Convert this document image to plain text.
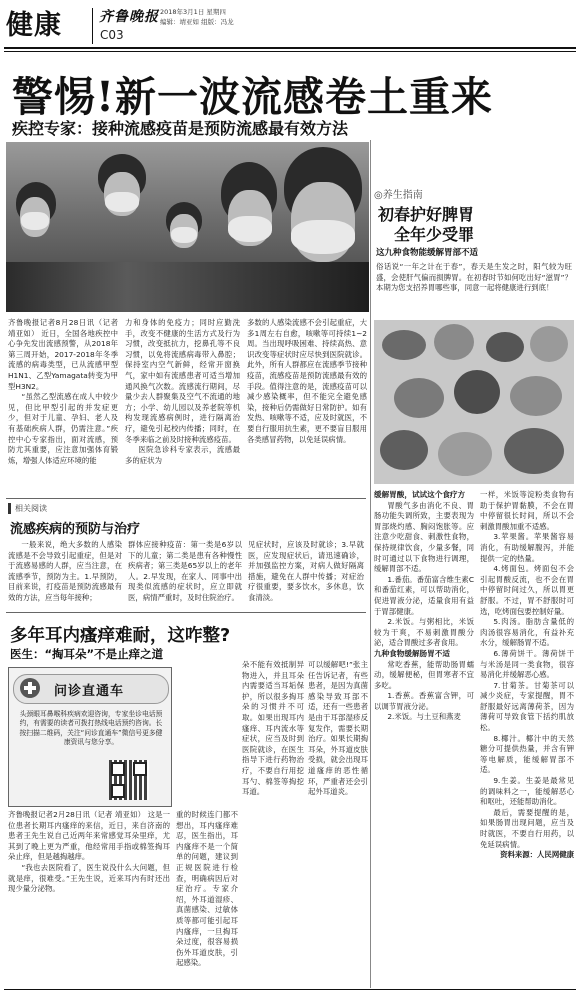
健康	齐鲁晚报 2018年3月1日 星期四
编辑：靖亚如 组版：冯龙
C03
警惕!新一波流感卷土重来
疾控专家：接种流感疫苗是预防流感最有效方法

齐鲁晚报记者8月28日讯（记者 靖亚如） 近日，全国各地疾控中心争先发出流感预警，从2018年第三周开始，2017-2018年冬季流感的病毒类型，已从流感甲型H1N1、乙型Yamagata转变为甲型H3N2。

“虽然乙型流感在成人中较少见，但比甲型引起的并发症更少，但对于儿童、孕妇、老人及有基础疾病人群，仍需注意。”疾控中心专家指出，面对流感，预防尤其重要，应注意加强体育锻炼，增强人体适应环境的能

力和身体的免疫力；同时应勤洗手，改变不健康的生活方式及行为习惯，改变抵抗力，挖鼻孔等不良习惯，以免将流感病毒带入鼻腔；保持室内空气新鲜，经常开窗换气，家中如有流感患者可适当增加通风换气次数。流感流行期间，尽量少去人群聚集及空气不流通的地方；小学、幼儿园以及养老院等机构发现流感病例时，进行隔离治疗，避免引起校内传播；同时，在冬季来临之前及时接种流感疫苗。

医院急诊科专家表示，流感最多的症状为

多数的人感染流感不会引起重症，大多1周左右自愈，咳嗽等可持续1~2周。当出现呼吸困难、持续高热、意识改变等症状时应尽快到医院就诊。此外，所有人群都应在流感季节接种疫苗，流感疫苗是预防流感最有效的手段。值得注意的是，流感疫苗可以减少感染概率，但不能完全避免感染，接种后仍需做好日常防护。如有发热、咳嗽等不适，应及时就医，不要自行服用抗生素，更不要盲目服用各类感冒药物，以免延误病情。

◎养生指南
初春护好脾胃
全年少受罪
这九种食物能缓解胃部不适
俗话说“一年之计在于春”，春天是生发之时，阳气较为旺盛，会使肝气偏而损脾胃。在初春时节如何吃出好“滋胃”？本期为您支招养胃哪些事，同意一起将健康进行到底！

缓解胃酸，试试这个食疗方

胃酸气多由消化不良、胃肠功能失调所致，主要表现为胃部烧灼感、胸闷饱胀等。应注意少吃甜食、刺激性食物，保持规律饮食，少量多餐，同时可通过以下食物进行调理，缓解胃部不适。

1.番茄。番茄富含维生素C和番茄红素，可以帮助消化，促进胃液分泌，适量食用有益于胃部健康。

2.米饭。与粥相比，米饭较为干爽，不易刺激胃酸分泌，适合胃酸过多者食用。

九种食物缓解肠胃不适

常吃香蕉，能帮助肠胃蠕动，缓解便秘，但胃寒者不宜多吃。

1.香蕉。香蕉富含钾，可以调节胃液分泌。

2.米饭。与土豆和燕麦

一样，米饭等淀粉类食物有助于保护胃黏膜，不会在胃中停留很长时间，所以不会刺激胃酸加重不适感。

3.苹果酱。苹果酱容易消化，有助缓解腹泻，并能提供一定的热量。

4.烤面包。烤面包不会引起胃酸反流，也不会在胃中停留时间过久，所以胃更舒服。不过，胃不舒服时可选，吃烤面包要控制好量。

5.肉汤。脂肪含量低的肉汤很容易消化，有益补充水分，缓解肠胃不适。

6.薄荷饼干。薄荷饼干与米汤是同一类食物，很容易消化并缓解恶心感。

7.甘菊茶。甘菊茶可以减少炎症，专家提醒，胃不舒服最好远离薄荷茶，因为薄荷可导致食管下括约肌放松。

8.椰汁。椰汁中的天然糖分可提供热量，并含有钾等电解质，能缓解胃部不适。

9.生姜。生姜是最常见的调味料之一，能缓解恶心和呕吐，还能帮助消化。

最后，需要提醒的是，如果肠胃出现问题，应当及时就医，不要自行用药，以免延误病情。

资料来源：人民网健康

相关阅读
流感疾病的预防与治疗

一般来说，绝大多数的人感染流感是不会导致引起重症，但是对于流感易感的人群，应当注意，在流感季节，预防为主。1.早预防，目前来说，打疫苗是预防流感最有效的方法，应当每年接种；

群体应接种疫苗：第一类是6岁以下的儿童；第二类是患有各种慢性疾病者；第三类是65岁以上的老年人。2.早发现，在家人、同事中出现类似流感的症状时，应立即就医，病情严重时，及时住院治疗。

见症状时，应该及时就诊；3.早就医，应发现症状后，请迅速确诊，并加强监控方案，对病人做好隔离措施，避免在人群中传播；对症治疗很重要，要多饮水，多休息，饮食清淡。

多年耳内瘙痒难耐，这咋整?
医生：“掏耳朵”不是止痒之道
问诊直通车
头颈眼耳鼻喉科疾病欢迎咨询，专家坐诊电话预约，有需要的读者可拨打热线电话预约咨询。长按扫描二维码，关注“问诊直通车”微信号更多健康资讯与您分享。

齐鲁晚报记者2月28日讯（记者 靖亚如） 这是一位患者长期耳内瘙痒的来信，近日，来自济南的患者王先生说自己近两年来常感觉耳朵里痒，尤其到了晚上更为严重，他经常用手指或棉签掏耳朵止痒，但是越掏越痒。

“我也去医院看了，医生说没什么大问题，但就是痒，很难受。”王先生说，近来耳内有时还出现少量分泌物。

重的时候连门都不想出，耳内瘙痒难忍，医生指出，耳内瘙痒不是一个简单的问题，建议到正规医院进行检查，明确病因后对症治疗。专家介绍，外耳道湿疹、真菌感染、过敏体质等都可能引起耳内瘙痒，一旦掏耳朵过度，很容易损伤外耳道皮肤，引起感染。

朵不能有效抵制异物进入，并且耳朵内需要适当耳垢保护，所以很多掏耳朵的习惯并不可取。如果出现耳内瘙痒、耳内流水等症状，应当及时到医院就诊，在医生指导下进行药物治疗，不要自行用挖耳勺、棉签等掏挖耳道。

可以缓解吧!”张主任告诉记者，有些患者，是因为真菌感染导致耳部不适，还有一些患者是由于耳部湿疹反复发作，需要长期治疗。如果长期掏耳朵，外耳道皮肤受损，就会出现耳道瘙痒的恶性循环，严重者还会引起外耳道炎。
